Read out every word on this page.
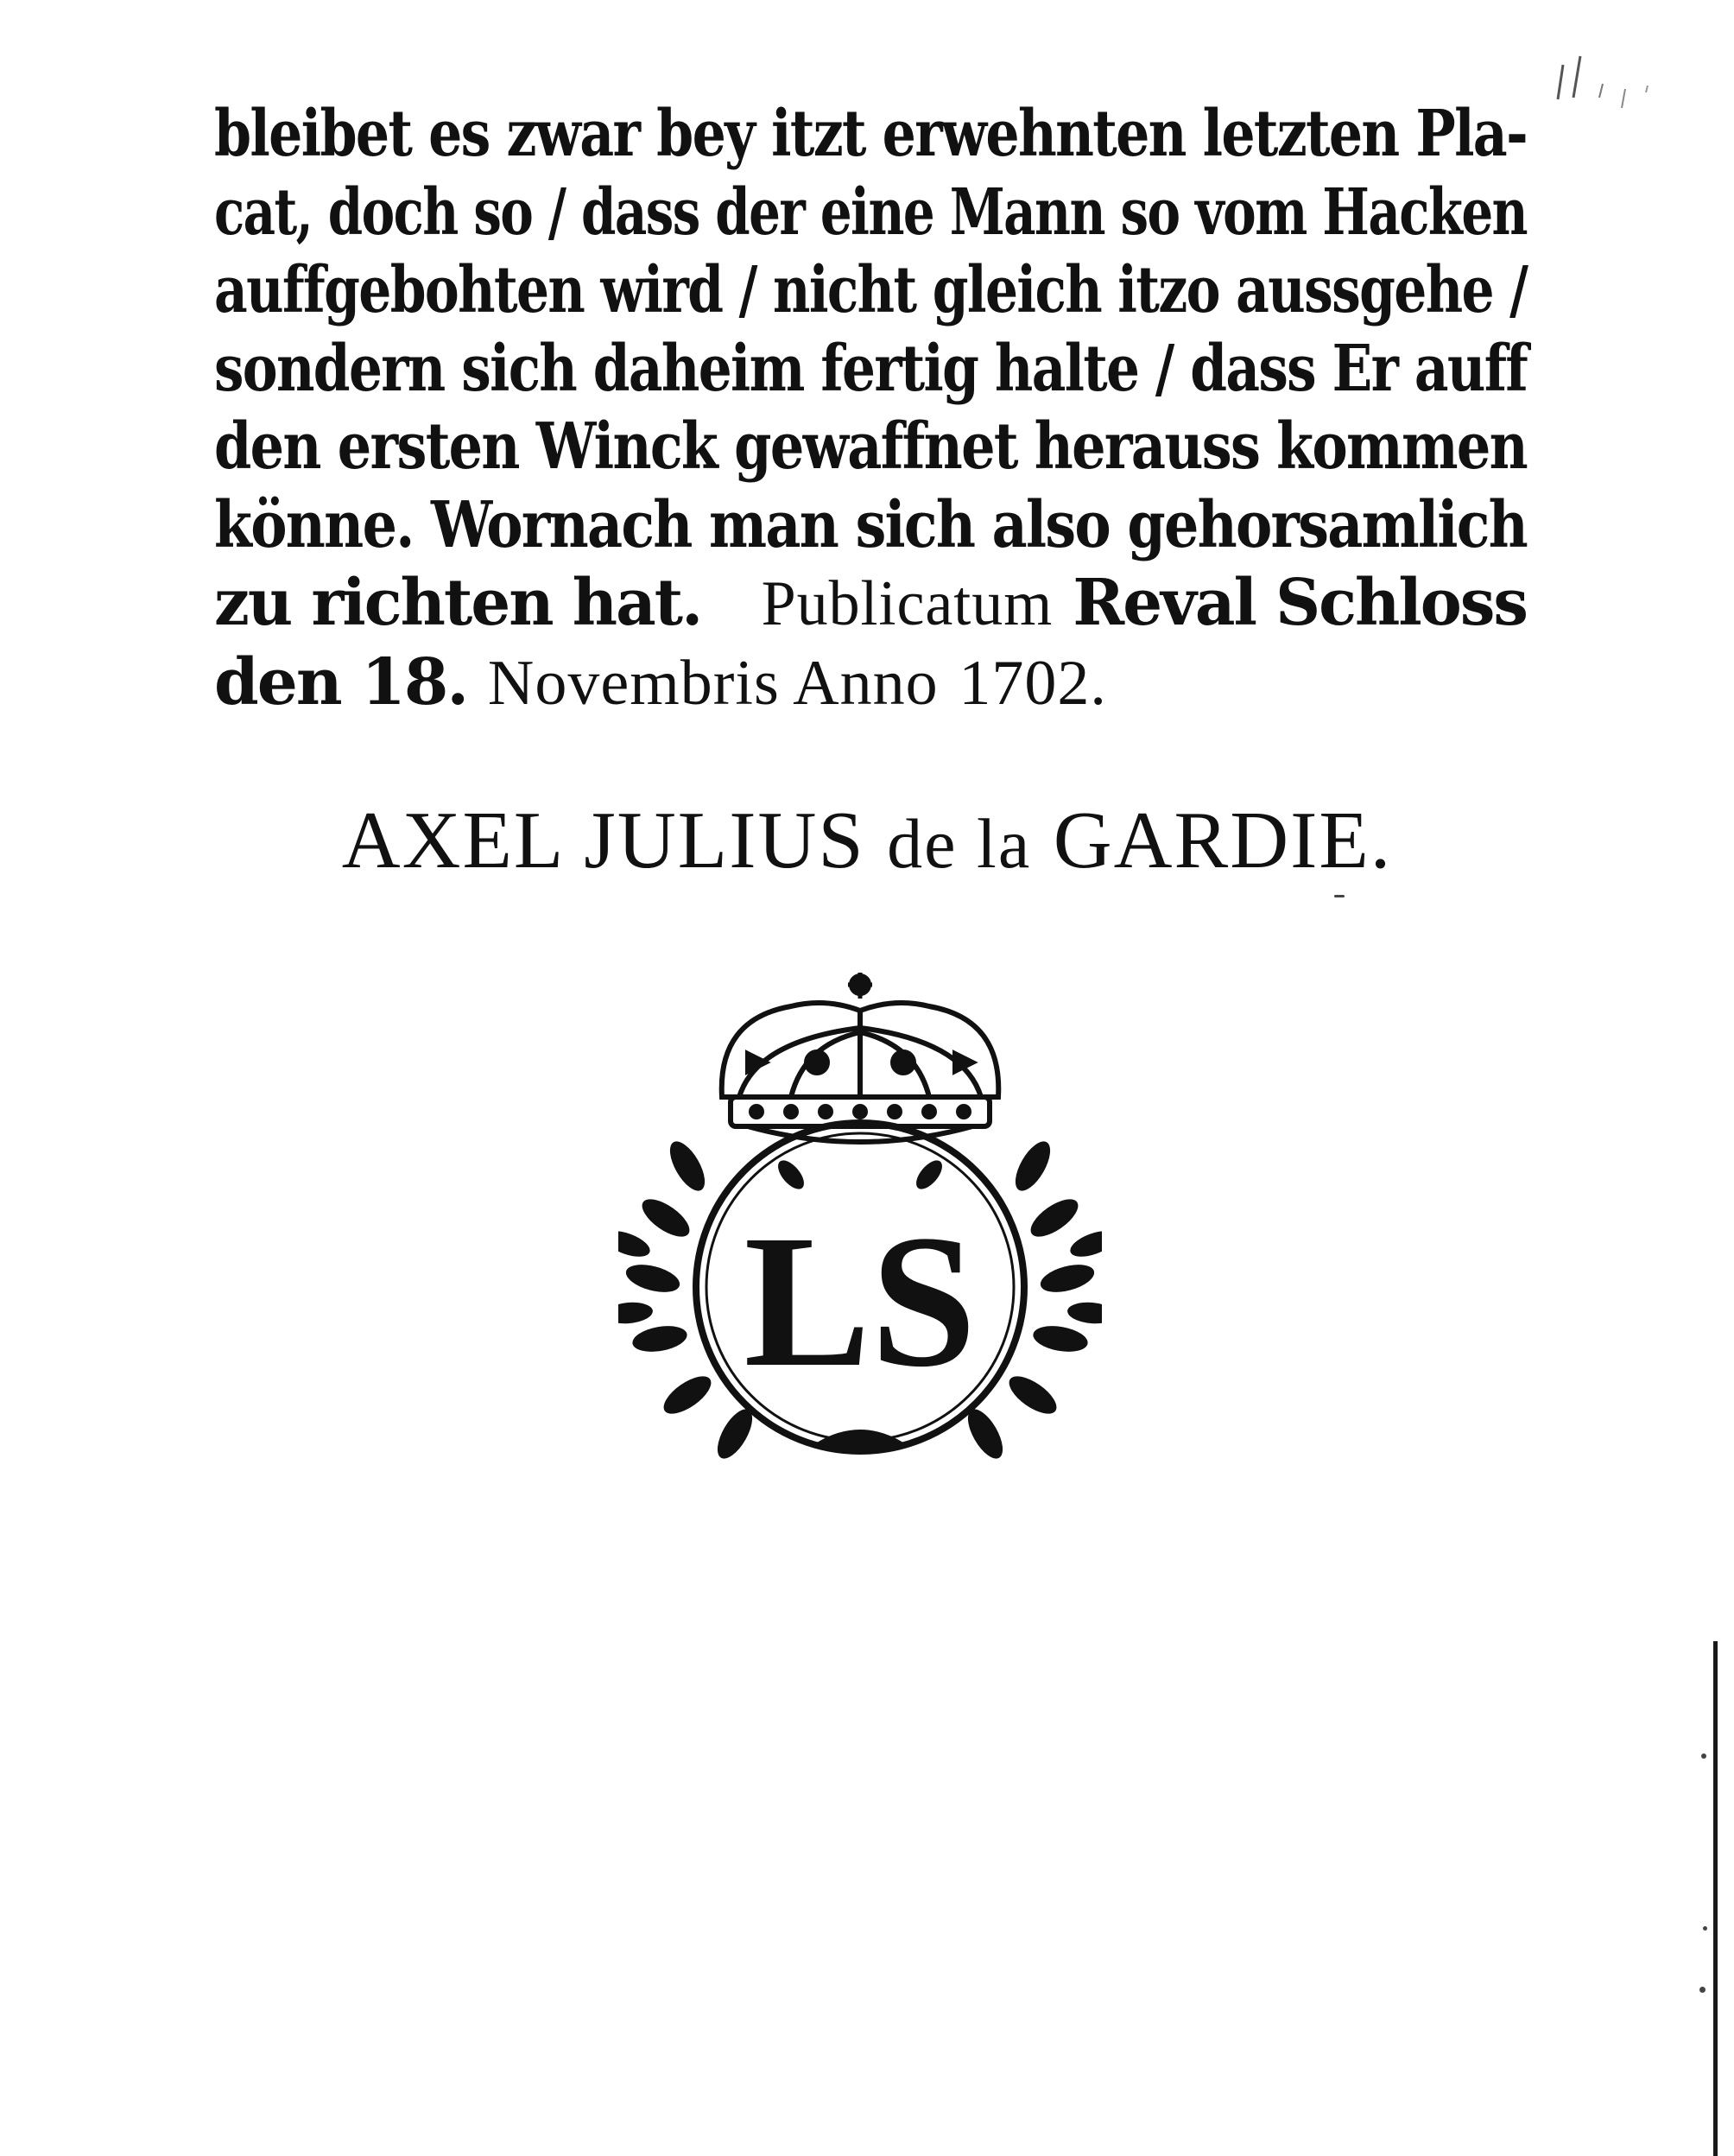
bleibet es zwar bey itzt erwehnten letzten Pla-
cat, doch so / dass der eine Mann so vom Hacken
auffgebohten wird / nicht gleich itzo aussgehe /
sondern sich daheim fertig halte / dass Er auff
den ersten Winck gewaffnet herauss kommen
könne. Wornach man sich also gehorsamlich
zu richten hat. Publicatum Reval Schloss
den 18. Novembris Anno 1702.
AXEL JULIUS de la GARDIE.
LS
